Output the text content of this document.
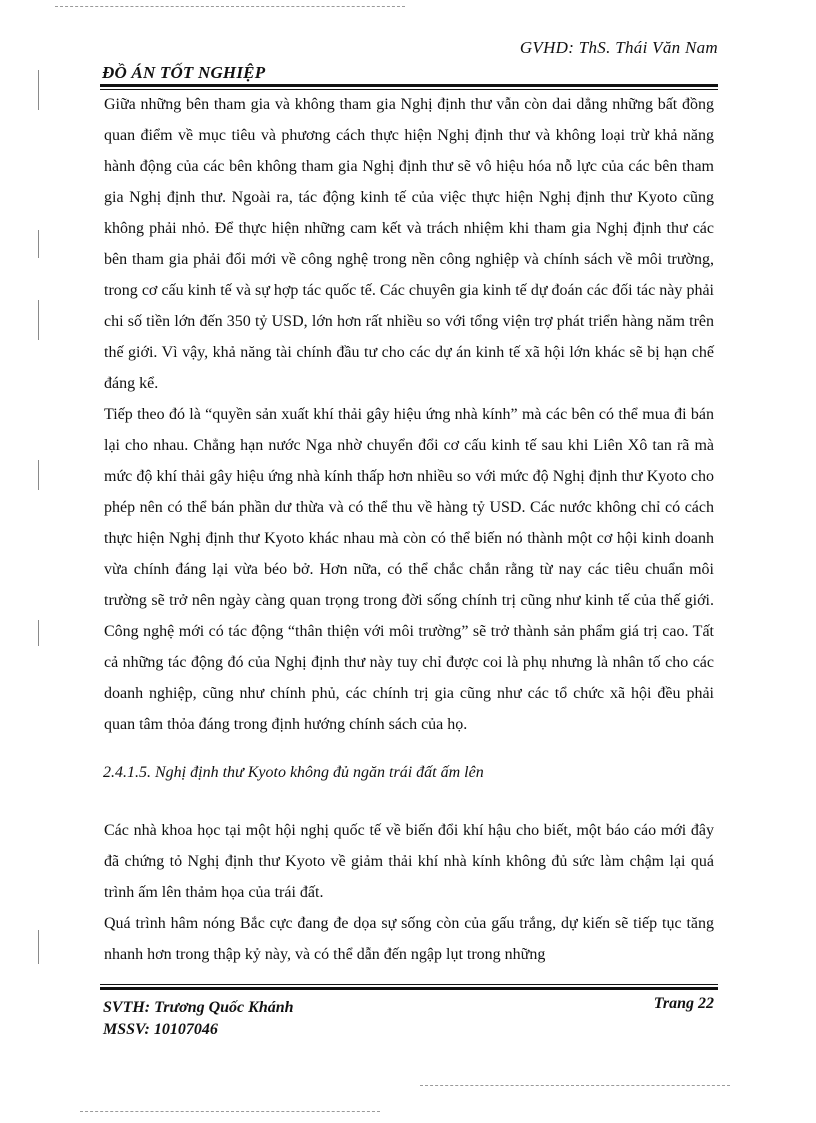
GVHD: ThS. Thái Văn Nam
ĐỒ ÁN TỐT NGHIỆP

Giữa những bên tham gia và không tham gia Nghị định thư vẫn còn dai dẳng những bất đồng quan điểm về mục tiêu và phương cách thực hiện Nghị định thư và không loại trừ khả năng hành động của các bên không tham gia Nghị định thư sẽ vô hiệu hóa nỗ lực của các bên tham gia Nghị định thư. Ngoài ra, tác động kinh tế của việc thực hiện Nghị định thư Kyoto cũng không phải nhỏ. Để thực hiện những cam kết và trách nhiệm khi tham gia Nghị định thư các bên tham gia phải đổi mới về công nghệ trong nền công nghiệp và chính sách về môi trường, trong cơ cấu kinh tế và sự hợp tác quốc tế. Các chuyên gia kinh tế dự đoán các đối tác này phải chi số tiền lớn đến 350 tỷ USD, lớn hơn rất nhiều so với tổng viện trợ phát triển hàng năm trên thế giới. Vì vậy, khả năng tài chính đầu tư cho các dự án kinh tế xã hội lớn khác sẽ bị hạn chế đáng kể.

Tiếp theo đó là “quyền sản xuất khí thải gây hiệu ứng nhà kính” mà các bên có thể mua đi bán lại cho nhau. Chẳng hạn nước Nga nhờ chuyển đổi cơ cấu kinh tế sau khi Liên Xô tan rã mà mức độ khí thải gây hiệu ứng nhà kính thấp hơn nhiều so với mức độ Nghị định thư Kyoto cho phép nên có thể bán phần dư thừa và có thể thu về hàng tỷ USD. Các nước không chỉ có cách thực hiện Nghị định thư Kyoto khác nhau mà còn có thể biến nó thành một cơ hội kinh doanh vừa chính đáng lại vừa béo bở. Hơn nữa, có thể chắc chắn rằng từ nay các tiêu chuẩn môi trường sẽ trở nên ngày càng quan trọng trong đời sống chính trị cũng như kinh tế của thế giới. Công nghệ mới có tác động “thân thiện với môi trường” sẽ trở thành sản phẩm giá trị cao. Tất cả những tác động đó của Nghị định thư này tuy chỉ được coi là phụ nhưng là nhân tố cho các doanh nghiệp, cũng như chính phủ, các chính trị gia cũng như các tổ chức xã hội đều phải quan tâm thỏa đáng trong định hướng chính sách của họ.

2.4.1.5. Nghị định thư Kyoto không đủ ngăn trái đất ấm lên

Các nhà khoa học tại một hội nghị quốc tế về biến đổi khí hậu cho biết, một báo cáo mới đây đã chứng tỏ Nghị định thư Kyoto về giảm thải khí nhà kính không đủ sức làm chậm lại quá trình ấm lên thảm họa của trái đất.

Quá trình hâm nóng Bắc cực đang đe dọa sự sống còn của gấu trắng, dự kiến sẽ tiếp tục tăng nhanh hơn trong thập kỷ này, và có thể dẫn đến ngập lụt trong những

SVTH: Trương Quốc Khánh
MSSV: 10107046
Trang 22
